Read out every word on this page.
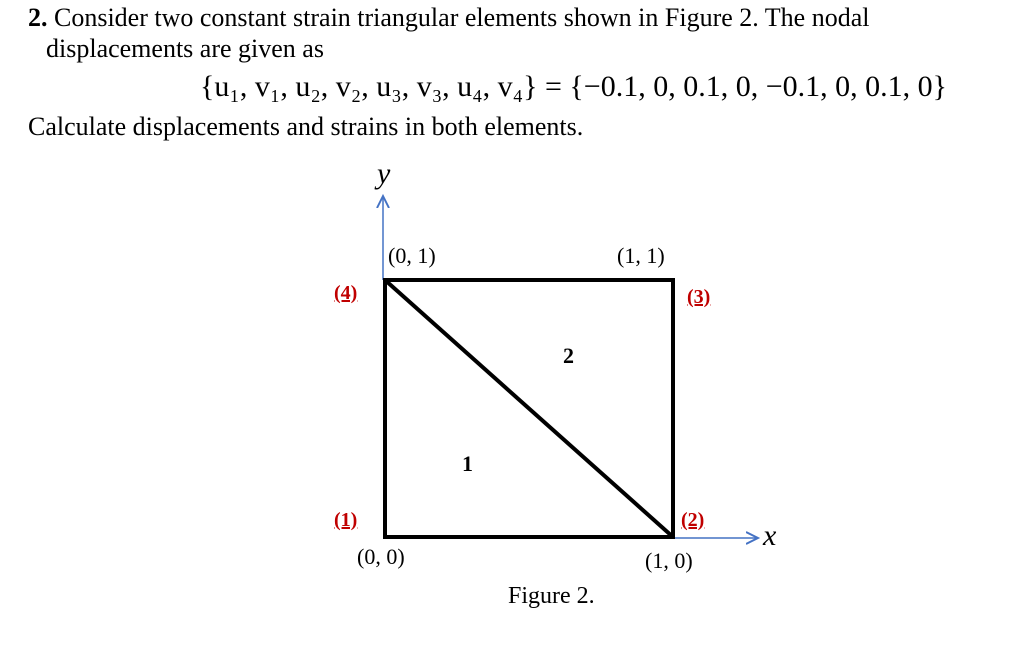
2. Consider two constant strain triangular elements shown in Figure 2. The nodal
displacements are given as
{u₁, v₁, u₂, v₂, u₃, v₃, u₄, v₄} = {−0.1, 0, 0.1, 0, −0.1, 0, 0.1, 0}
Calculate displacements and strains in both elements.
(0, 1)	(1, 1)
(0, 0)	(1, 0)
(4)	(3)
(1)	(2)
2
1
y
x
Figure 2.
